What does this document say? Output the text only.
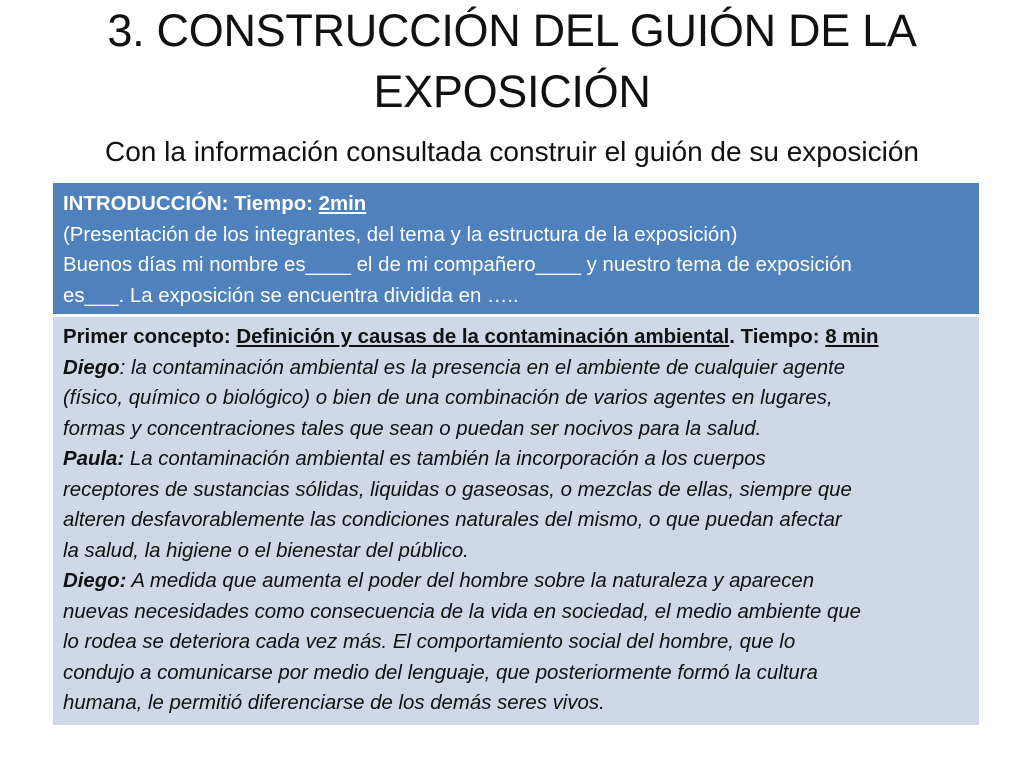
3. CONSTRUCCIÓN DEL GUIÓN DE LA
EXPOSICIÓN
Con la información consultada construir el guión de su exposición
INTRODUCCIÓN: Tiempo: 2min
(Presentación de los integrantes, del tema y la estructura de la exposición)
Buenos días mi nombre es____ el de mi compañero____ y nuestro tema de exposición
es___. La exposición se encuentra dividida en …..
Primer concepto: Definición y causas de la contaminación ambiental. Tiempo: 8 min
Diego: la contaminación ambiental es la presencia en el ambiente de cualquier agente
(físico, químico o biológico) o bien de una combinación de varios agentes en lugares,
formas y concentraciones tales que sean o puedan ser nocivos para la salud.
Paula: La contaminación ambiental es también la incorporación a los cuerpos
receptores de sustancias sólidas, liquidas o gaseosas, o mezclas de ellas, siempre que
alteren desfavorablemente las condiciones naturales del mismo, o que puedan afectar
la salud, la higiene o el bienestar del público.
Diego: A medida que aumenta el poder del hombre sobre la naturaleza y aparecen
nuevas necesidades como consecuencia de la vida en sociedad, el medio ambiente que
lo rodea se deteriora cada vez más. El comportamiento social del hombre, que lo
condujo a comunicarse por medio del lenguaje, que posteriormente formó la cultura
humana, le permitió diferenciarse de los demás seres vivos.
